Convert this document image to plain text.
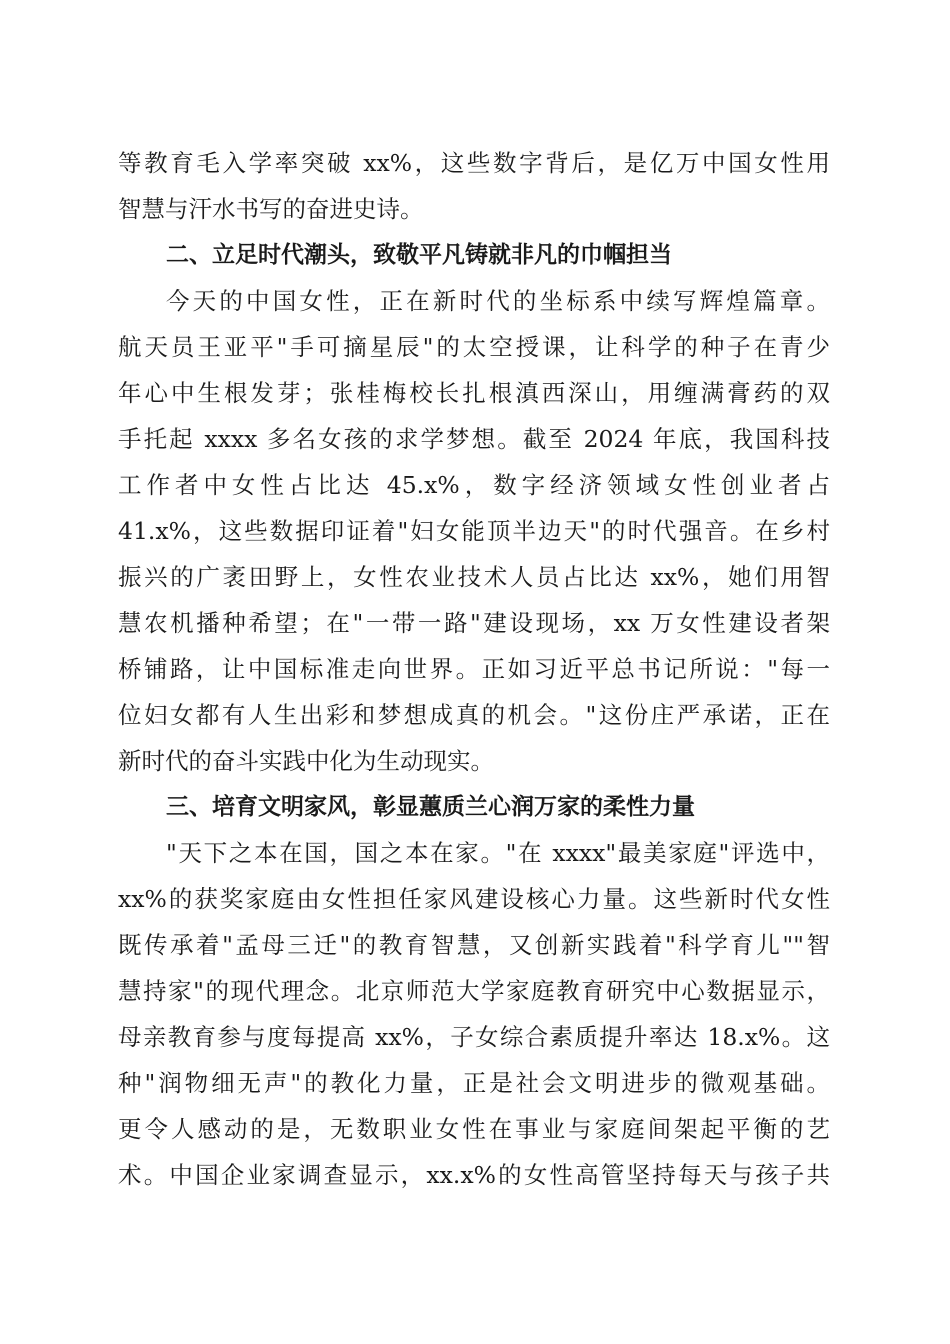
等教育毛入学率突破 xx%，这些数字背后，是亿万中国女性用
智慧与汗水书写的奋进史诗。
二、立足时代潮头，致敬平凡铸就非凡的巾帼担当
今天的中国女性，正在新时代的坐标系中续写辉煌篇章。
航天员王亚平"手可摘星辰"的太空授课，让科学的种子在青少
年心中生根发芽；张桂梅校长扎根滇西深山，用缠满膏药的双
手托起 xxxx 多名女孩的求学梦想。截至 2024 年底，我国科技
工作者中女性占比达 45.x%，数字经济领域女性创业者占
41.x%，这些数据印证着"妇女能顶半边天"的时代强音。在乡村
振兴的广袤田野上，女性农业技术人员占比达 xx%，她们用智
慧农机播种希望；在"一带一路"建设现场，xx 万女性建设者架
桥铺路，让中国标准走向世界。正如习近平总书记所说："每一
位妇女都有人生出彩和梦想成真的机会。"这份庄严承诺，正在
新时代的奋斗实践中化为生动现实。
三、培育文明家风，彰显蕙质兰心润万家的柔性力量
"天下之本在国，国之本在家。"在 xxxx"最美家庭"评选中，
xx%的获奖家庭由女性担任家风建设核心力量。这些新时代女性
既传承着"孟母三迁"的教育智慧，又创新实践着"科学育儿""智
慧持家"的现代理念。北京师范大学家庭教育研究中心数据显示，
母亲教育参与度每提高 xx%，子女综合素质提升率达 18.x%。这
种"润物细无声"的教化力量，正是社会文明进步的微观基础。
更令人感动的是，无数职业女性在事业与家庭间架起平衡的艺
术。中国企业家调查显示，xx.x%的女性高管坚持每天与孩子共
